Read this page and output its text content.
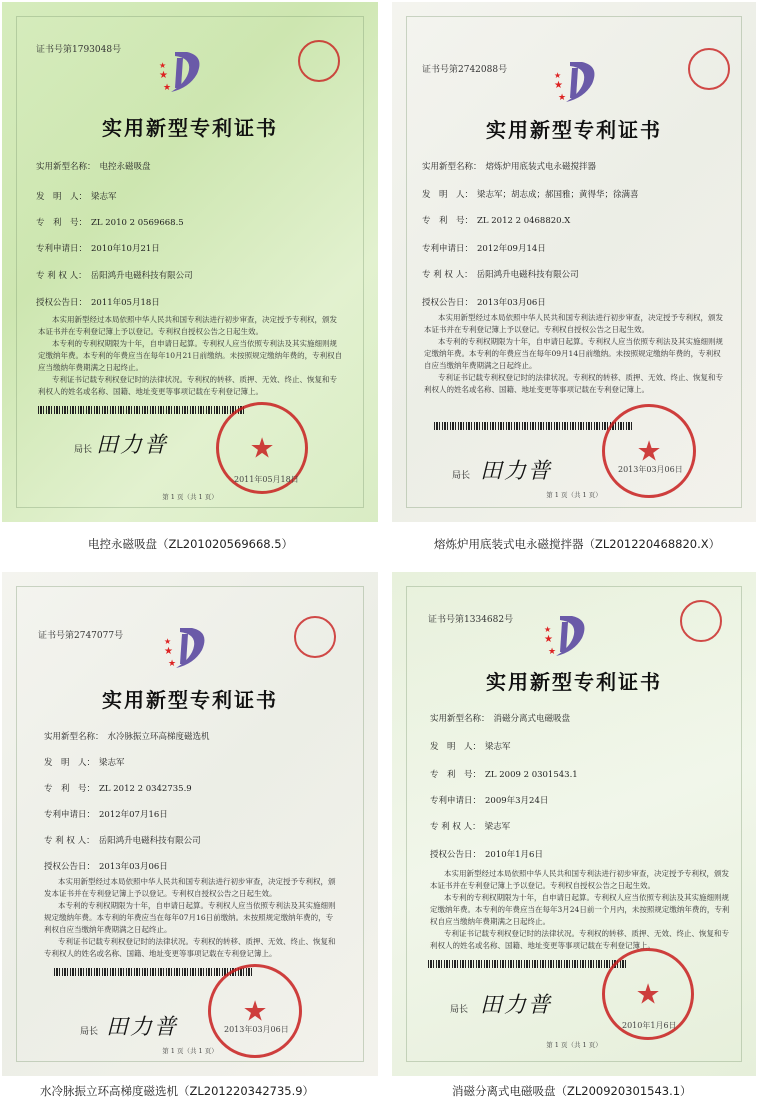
证书号第1793048号
★
★
★
实用新型专利证书
实用新型名称： 电控永磁吸盘
发　明　人： 梁志军
专　利　号： ZL 2010 2 0569668.5
专利申请日： 2010年10月21日
专 利 权 人： 岳阳鸿升电磁科技有限公司
授权公告日： 2011年05月18日

本实用新型经过本局依照中华人民共和国专利法进行初步审查，决定授予专利权，颁发本证书并在专利登记簿上予以登记。专利权自授权公告之日起生效。

本专利的专利权期限为十年，自申请日起算。专利权人应当依照专利法及其实施细则规定缴纳年费。本专利的年费应当在每年10月21日前缴纳。未按照规定缴纳年费的，专利权自应当缴纳年费期满之日起终止。

专利证书记载专利权登记时的法律状况。专利权的转移、质押、无效、终止、恢复和专利权人的姓名或名称、国籍、地址变更等事项记载在专利登记簿上。

局长 田力普	★
2011年05月18日
第 1 页（共 1 页）
证书号第2742088号
★
★
★
实用新型专利证书
实用新型名称： 熔炼炉用底装式电永磁搅拌器
发　明　人： 梁志军；胡志成；郝国雅；黄得华；徐满喜
专　利　号： ZL 2012 2 0468820.X
专利申请日： 2012年09月14日
专 利 权 人： 岳阳鸿升电磁科技有限公司
授权公告日： 2013年03月06日

本实用新型经过本局依照中华人民共和国专利法进行初步审查，决定授予专利权，颁发本证书并在专利登记簿上予以登记。专利权自授权公告之日起生效。

本专利的专利权期限为十年，自申请日起算。专利权人应当依照专利法及其实施细则规定缴纳年费。本专利的年费应当在每年09月14日前缴纳。未按照规定缴纳年费的，专利权自应当缴纳年费期满之日起终止。

专利证书记载专利权登记时的法律状况。专利权的转移、质押、无效、终止、恢复和专利权人的姓名或名称、国籍、地址变更等事项记载在专利登记簿上。

局长 田力普
★
2013年03月06日
第 1 页（共 1 页）
证书号第2747077号
★
★
★
实用新型专利证书
实用新型名称： 水冷脉振立环高梯度磁选机
发　明　人： 梁志军
专　利　号： ZL 2012 2 0342735.9
专利申请日： 2012年07月16日
专 利 权 人： 岳阳鸿升电磁科技有限公司
授权公告日： 2013年03月06日

本实用新型经过本局依照中华人民共和国专利法进行初步审查，决定授予专利权，颁发本证书并在专利登记簿上予以登记。专利权自授权公告之日起生效。

本专利的专利权期限为十年，自申请日起算。专利权人应当依照专利法及其实施细则规定缴纳年费。本专利的年费应当在每年07月16日前缴纳。未按照规定缴纳年费的，专利权自应当缴纳年费期满之日起终止。

专利证书记载专利权登记时的法律状况。专利权的转移、质押、无效、终止、恢复和专利权人的姓名或名称、国籍、地址变更等事项记载在专利登记簿上。

局长 田力普 ★
2013年03月06日
第 1 页（共 1 页）
证书号第1334682号
★
★
★
实用新型专利证书
实用新型名称： 消磁分离式电磁吸盘
发　明　人： 梁志军
专　利　号： ZL 2009 2 0301543.1
专利申请日： 2009年3月24日
专 利 权 人： 梁志军
授权公告日： 2010年1月6日

本实用新型经过本局依照中华人民共和国专利法进行初步审查，决定授予专利权，颁发本证书并在专利登记簿上予以登记。专利权自授权公告之日起生效。

本专利的专利权期限为十年，自申请日起算。专利权人应当依照专利法及其实施细则规定缴纳年费。本专利的年费应当在每年3月24日前一个月内，未按照规定缴纳年费的，专利权自应当缴纳年费期满之日起终止。

专利证书记载专利权登记时的法律状况。专利权的转移、质押、无效、终止、恢复和专利权人的姓名或名称、国籍、地址变更等事项记载在专利登记簿上。

局长 田力普	★
2010年1月6日
第 1 页（共 1 页）
电控永磁吸盘（ZL201020569668.5）	熔炼炉用底装式电永磁搅拌器（ZL201220468820.X）
水冷脉振立环高梯度磁选机（ZL201220342735.9）	消磁分离式电磁吸盘（ZL200920301543.1）
